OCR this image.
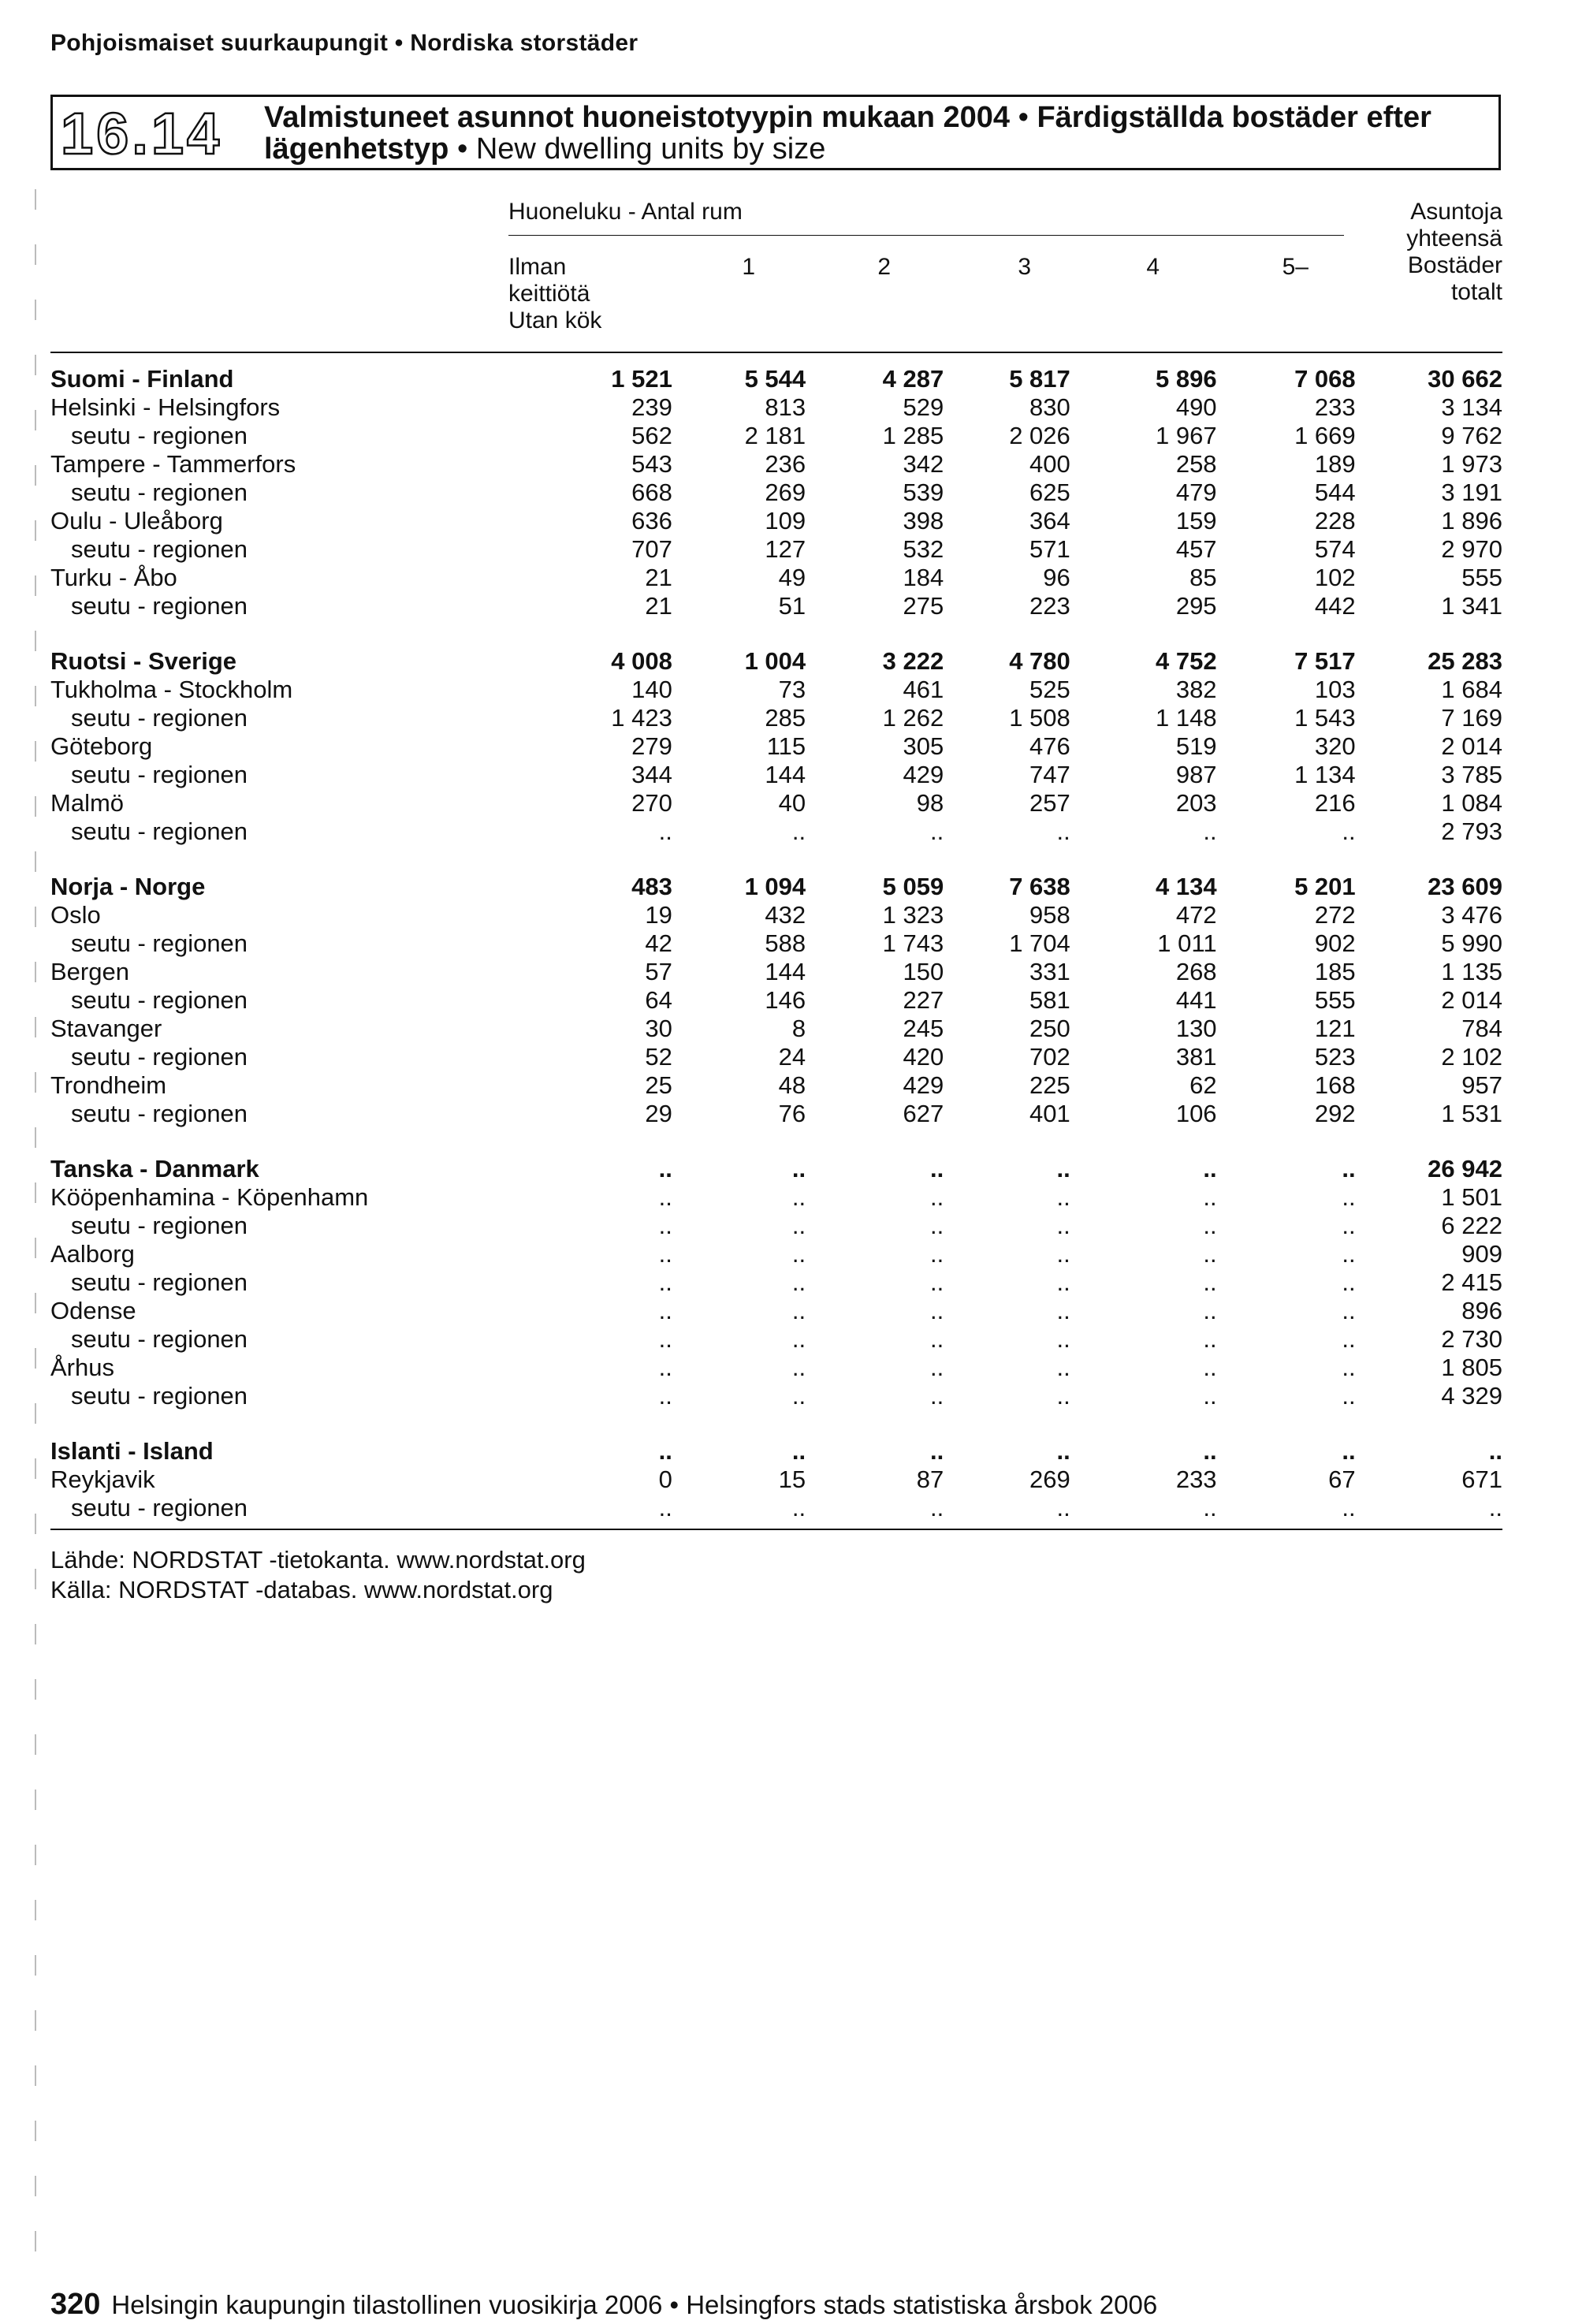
Pohjoismaiset suurkaupungit • Nordiska storstäder
16.14 Valmistuneet asunnot huoneistotyypin mukaan 2004 • Färdigställda bostäder efter
lägenhetstyp • New dwelling units by size
Huoneluku - Antal rum
Ilman
keittiötä
Utan kök
1	2	3	4	5–
Asuntoja
yhteensä
Bostäder
totalt
Suomi - Finland	1 521	5 544	4 287	5 817	5 896	7 068	30 662
Helsinki - Helsingfors	239	813	529	830	490	233	3 134
seutu - regionen	562	2 181	1 285	2 026	1 967	1 669	9 762
Tampere - Tammerfors	543	236	342	400	258	189	1 973
seutu - regionen	668	269	539	625	479	544	3 191
Oulu - Uleåborg	636	109	398	364	159	228	1 896
seutu - regionen	707	127	532	571	457	574	2 970
Turku - Åbo	21	49	184	96	85	102	555
seutu - regionen	21	51	275	223	295	442	1 341

Ruotsi - Sverige	4 008	1 004	3 222	4 780	4 752	7 517	25 283
Tukholma - Stockholm	140	73	461	525	382	103	1 684
seutu - regionen	1 423	285	1 262	1 508	1 148	1 543	7 169
Göteborg	279	115	305	476	519	320	2 014
seutu - regionen	344	144	429	747	987	1 134	3 785
Malmö	270	40	98	257	203	216	1 084
seutu - regionen	..	..	..	..	..	..	2 793

Norja - Norge	483	1 094	5 059	7 638	4 134	5 201	23 609
Oslo	19	432	1 323	958	472	272	3 476
seutu - regionen	42	588	1 743	1 704	1 011	902	5 990
Bergen	57	144	150	331	268	185	1 135
seutu - regionen	64	146	227	581	441	555	2 014
Stavanger	30	8	245	250	130	121	784
seutu - regionen	52	24	420	702	381	523	2 102
Trondheim	25	48	429	225	62	168	957
seutu - regionen	29	76	627	401	106	292	1 531

Tanska - Danmark	..	..	..	..	..	..	26 942
Kööpenhamina - Köpenhamn	..	..	..	..	..	..	1 501
seutu - regionen	..	..	..	..	..	..	6 222
Aalborg	..	..	..	..	..	..	909
seutu - regionen	..	..	..	..	..	..	2 415
Odense	..	..	..	..	..	..	896
seutu - regionen	..	..	..	..	..	..	2 730
Århus	..	..	..	..	..	..	1 805
seutu - regionen	..	..	..	..	..	..	4 329

Islanti - Island	..	..	..	..	..	..	..
Reykjavik	0	15	87	269	233	67	671
seutu - regionen	..	..	..	..	..	..	..
Lähde: NORDSTAT -tietokanta. www.nordstat.org
Källa: NORDSTAT -databas. www.nordstat.org
320 Helsingin kaupungin tilastollinen vuosikirja 2006 • Helsingfors stads statistiska årsbok 2006
